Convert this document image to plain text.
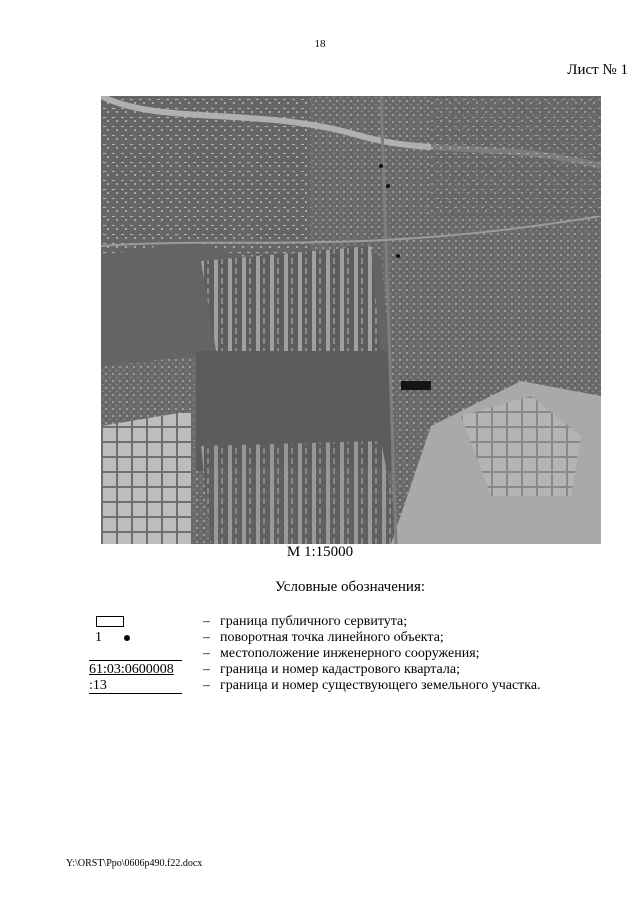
18
Лист № 1
М 1:15000
Условные обозначения:
– граница публичного сервитута;
1	– поворотная точка линейного объекта;
– местоположение инженерного сооружения;
61:03:0600008	– граница и номер кадастрового квартала;
:13	– граница и номер существующего земельного участка.
Y:\ORST\Ppo\0606p490.f22.docx
